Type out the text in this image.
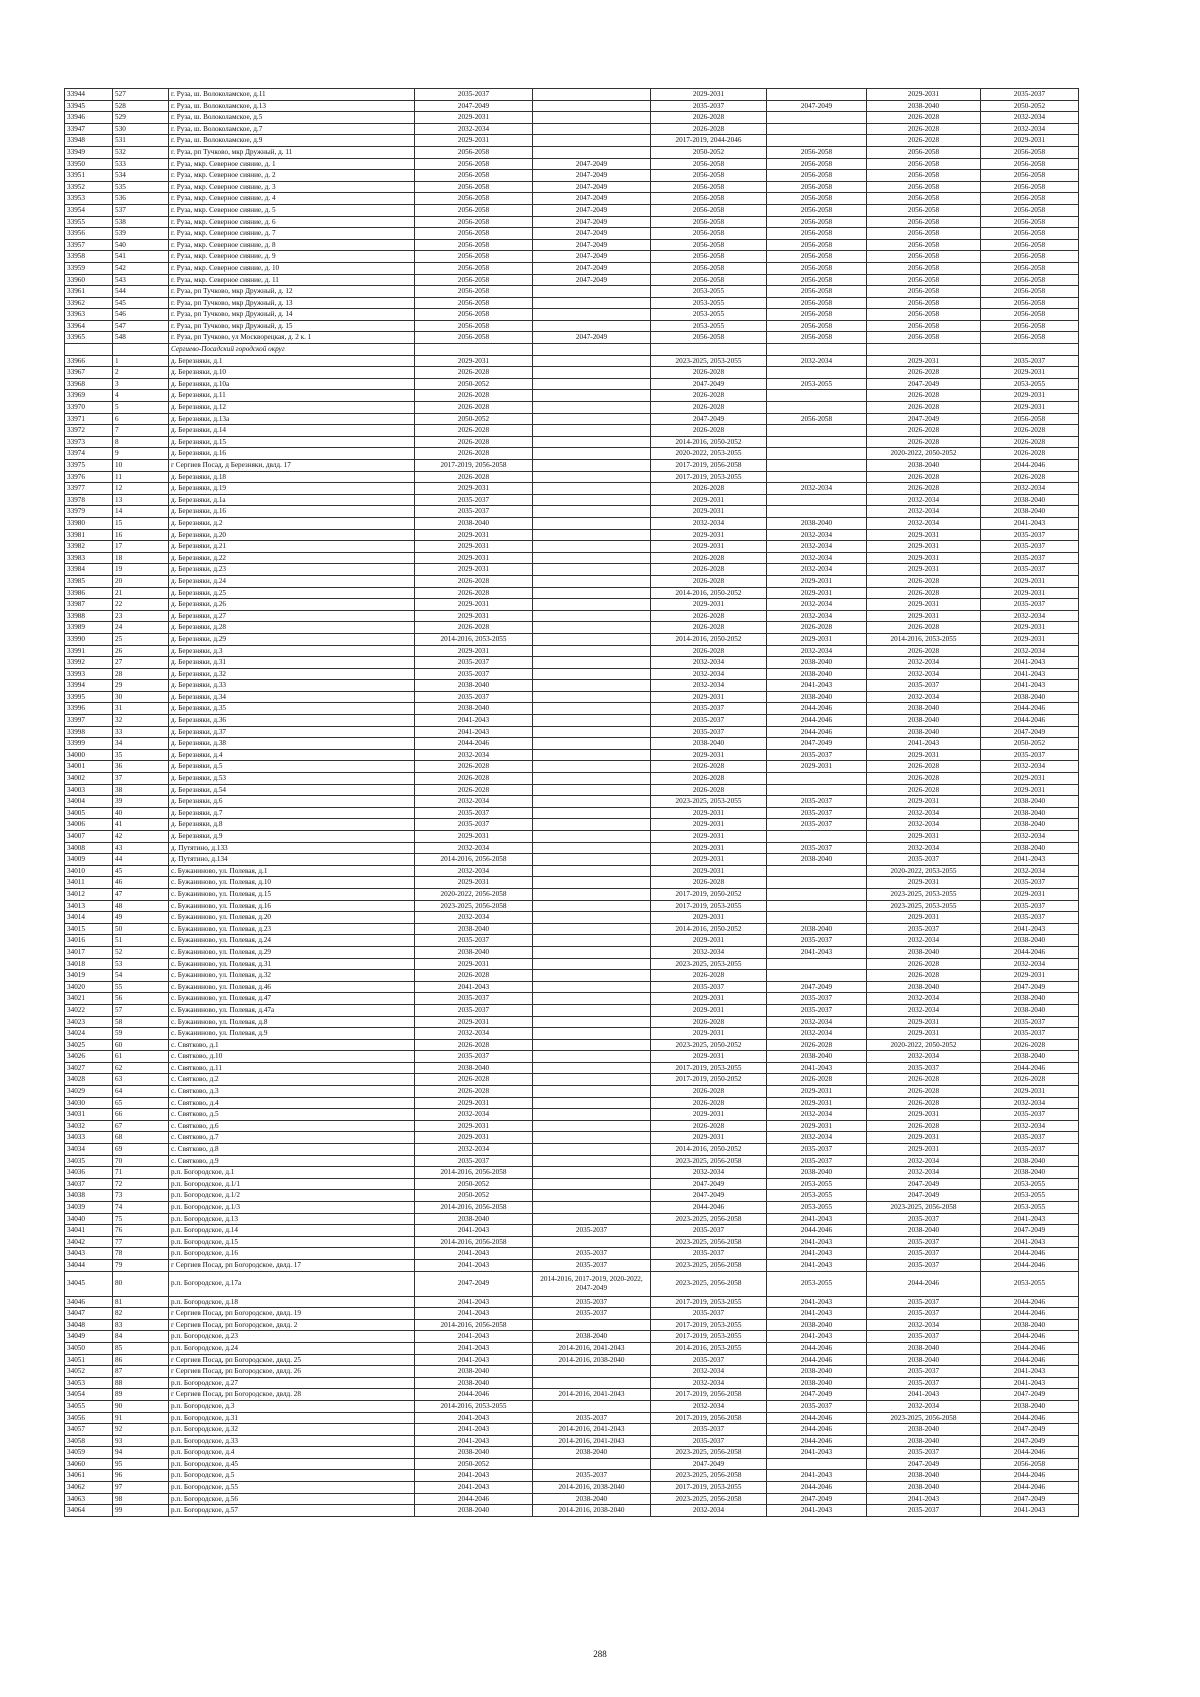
33944	527	г. Руза, ш. Волоколамское, д.11	2035-2037		2029-2031		2029-2031	2035-2037
33945	528	г. Руза, ш. Волоколамское, д.13	2047-2049		2035-2037	2047-2049	2038-2040	2050-2052
33946	529	г. Руза, ш. Волоколамское, д.5	2029-2031		2026-2028		2026-2028	2032-2034
33947	530	г. Руза, ш. Волоколамское, д.7	2032-2034		2026-2028		2026-2028	2032-2034
33948	531	г. Руза, ш. Волоколамское, д.9	2029-2031		2017-2019, 2044-2046		2026-2028	2029-2031
33949	532	г. Руза, рп Тучково, мкр Дружный, д. 11	2056-2058		2050-2052	2056-2058	2056-2058	2056-2058
33950	533	г. Руза, мкр. Северное сияние, д. 1	2056-2058	2047-2049	2056-2058	2056-2058	2056-2058	2056-2058
33951	534	г. Руза, мкр. Северное сияние, д. 2	2056-2058	2047-2049	2056-2058	2056-2058	2056-2058	2056-2058
33952	535	г. Руза, мкр. Северное сияние, д. 3	2056-2058	2047-2049	2056-2058	2056-2058	2056-2058	2056-2058
33953	536	г. Руза, мкр. Северное сияние, д. 4	2056-2058	2047-2049	2056-2058	2056-2058	2056-2058	2056-2058
33954	537	г. Руза, мкр. Северное сияние, д. 5	2056-2058	2047-2049	2056-2058	2056-2058	2056-2058	2056-2058
33955	538	г. Руза, мкр. Северное сияние, д. 6	2056-2058	2047-2049	2056-2058	2056-2058	2056-2058	2056-2058
33956	539	г. Руза, мкр. Северное сияние, д. 7	2056-2058	2047-2049	2056-2058	2056-2058	2056-2058	2056-2058
33957	540	г. Руза, мкр. Северное сияние, д. 8	2056-2058	2047-2049	2056-2058	2056-2058	2056-2058	2056-2058
33958	541	г. Руза, мкр. Северное сияние, д. 9	2056-2058	2047-2049	2056-2058	2056-2058	2056-2058	2056-2058
33959	542	г. Руза, мкр. Северное сияние, д. 10	2056-2058	2047-2049	2056-2058	2056-2058	2056-2058	2056-2058
33960	543	г. Руза, мкр. Северное сияние, д. 11	2056-2058	2047-2049	2056-2058	2056-2058	2056-2058	2056-2058
33961	544	г. Руза, рп Тучково, мкр Дружный, д. 12	2056-2058		2053-2055	2056-2058	2056-2058	2056-2058
33962	545	г. Руза, рп Тучково, мкр Дружный, д. 13	2056-2058		2053-2055	2056-2058	2056-2058	2056-2058
33963	546	г. Руза, рп Тучково, мкр Дружный, д. 14	2056-2058		2053-2055	2056-2058	2056-2058	2056-2058
33964	547	г. Руза, рп Тучково, мкр Дружный, д. 15	2056-2058		2053-2055	2056-2058	2056-2058	2056-2058
33965	548	г. Руза, рп Тучково, ул Москворецкая, д. 2 к. 1	2056-2058	2047-2049	2056-2058	2056-2058	2056-2058	2056-2058
		Сергиево-Посадский городской округ						
33966	1	д. Березняки, д.1	2029-2031		2023-2025, 2053-2055	2032-2034	2029-2031	2035-2037
33967	2	д. Березняки, д.10	2026-2028		2026-2028		2026-2028	2029-2031
33968	3	д. Березняки, д.10а	2050-2052		2047-2049	2053-2055	2047-2049	2053-2055
33969	4	д. Березняки, д.11	2026-2028		2026-2028		2026-2028	2029-2031
33970	5	д. Березняки, д.12	2026-2028		2026-2028		2026-2028	2029-2031
33971	6	д. Березняки, д.13а	2050-2052		2047-2049	2056-2058	2047-2049	2056-2058
33972	7	д. Березняки, д.14	2026-2028		2026-2028		2026-2028	2026-2028
33973	8	д. Березняки, д.15	2026-2028		2014-2016, 2050-2052		2026-2028	2026-2028
33974	9	д. Березняки, д.16	2026-2028		2020-2022, 2053-2055		2020-2022, 2050-2052	2026-2028
33975	10	г Сергиев Посад, д Березняки, двлд. 17	2017-2019, 2056-2058		2017-2019, 2056-2058		2038-2040	2044-2046
33976	11	д. Березняки, д.18	2026-2028		2017-2019, 2053-2055		2026-2028	2026-2028
33977	12	д. Березняки, д.19	2029-2031		2026-2028	2032-2034	2026-2028	2032-2034
33978	13	д. Березняки, д.1а	2035-2037		2029-2031		2032-2034	2038-2040
33979	14	д. Березняки, д.16	2035-2037		2029-2031		2032-2034	2038-2040
33980	15	д. Березняки, д.2	2038-2040		2032-2034	2038-2040	2032-2034	2041-2043
33981	16	д. Березняки, д.20	2029-2031		2029-2031	2032-2034	2029-2031	2035-2037
33982	17	д. Березняки, д.21	2029-2031		2029-2031	2032-2034	2029-2031	2035-2037
33983	18	д. Березняки, д.22	2029-2031		2026-2028	2032-2034	2029-2031	2035-2037
33984	19	д. Березняки, д.23	2029-2031		2026-2028	2032-2034	2029-2031	2035-2037
33985	20	д. Березняки, д.24	2026-2028		2026-2028	2029-2031	2026-2028	2029-2031
33986	21	д. Березняки, д.25	2026-2028		2014-2016, 2050-2052	2029-2031	2026-2028	2029-2031
33987	22	д. Березняки, д.26	2029-2031		2029-2031	2032-2034	2029-2031	2035-2037
33988	23	д. Березняки, д.27	2029-2031		2026-2028	2032-2034	2029-2031	2032-2034
33989	24	д. Березняки, д.28	2026-2028		2026-2028	2026-2028	2026-2028	2029-2031
33990	25	д. Березняки, д.29	2014-2016, 2053-2055		2014-2016, 2050-2052	2029-2031	2014-2016, 2053-2055	2029-2031
33991	26	д. Березняки, д.3	2029-2031		2026-2028	2032-2034	2026-2028	2032-2034
33992	27	д. Березняки, д.31	2035-2037		2032-2034	2038-2040	2032-2034	2041-2043
33993	28	д. Березняки, д.32	2035-2037		2032-2034	2038-2040	2032-2034	2041-2043
33994	29	д. Березняки, д.33	2038-2040		2032-2034	2041-2043	2035-2037	2041-2043
33995	30	д. Березняки, д.34	2035-2037		2029-2031	2038-2040	2032-2034	2038-2040
33996	31	д. Березняки, д.35	2038-2040		2035-2037	2044-2046	2038-2040	2044-2046
33997	32	д. Березняки, д.36	2041-2043		2035-2037	2044-2046	2038-2040	2044-2046
33998	33	д. Березняки, д.37	2041-2043		2035-2037	2044-2046	2038-2040	2047-2049
33999	34	д. Березняки, д.38	2044-2046		2038-2040	2047-2049	2041-2043	2050-2052
34000	35	д. Березняки, д.4	2032-2034		2029-2031	2035-2037	2029-2031	2035-2037
34001	36	д. Березняки, д.5	2026-2028		2026-2028	2029-2031	2026-2028	2032-2034
34002	37	д. Березняки, д.53	2026-2028		2026-2028		2026-2028	2029-2031
34003	38	д. Березняки, д.54	2026-2028		2026-2028		2026-2028	2029-2031
34004	39	д. Березняки, д.6	2032-2034		2023-2025, 2053-2055	2035-2037	2029-2031	2038-2040
34005	40	д. Березняки, д.7	2035-2037		2029-2031	2035-2037	2032-2034	2038-2040
34006	41	д. Березняки, д.8	2035-2037		2029-2031	2035-2037	2032-2034	2038-2040
34007	42	д. Березняки, д.9	2029-2031		2029-2031		2029-2031	2032-2034
34008	43	д. Путятино, д.133	2032-2034		2029-2031	2035-2037	2032-2034	2038-2040
34009	44	д. Путятино, д.134	2014-2016, 2056-2058		2029-2031	2038-2040	2035-2037	2041-2043
34010	45	с. Бужаниново, ул. Полевая, д.1	2032-2034		2029-2031		2020-2022, 2053-2055	2032-2034
34011	46	с. Бужаниново, ул. Полевая, д.10	2029-2031		2026-2028		2029-2031	2035-2037
34012	47	с. Бужаниново, ул. Полевая, д.15	2020-2022, 2056-2058		2017-2019, 2050-2052		2023-2025, 2053-2055	2029-2031
34013	48	с. Бужаниново, ул. Полевая, д.16	2023-2025, 2056-2058		2017-2019, 2053-2055		2023-2025, 2053-2055	2035-2037
34014	49	с. Бужаниново, ул. Полевая, д.20	2032-2034		2029-2031		2029-2031	2035-2037
34015	50	с. Бужаниново, ул. Полевая, д.23	2038-2040		2014-2016, 2050-2052	2038-2040	2035-2037	2041-2043
34016	51	с. Бужаниново, ул. Полевая, д.24	2035-2037		2029-2031	2035-2037	2032-2034	2038-2040
34017	52	с. Бужаниново, ул. Полевая, д.29	2038-2040		2032-2034	2041-2043	2038-2040	2044-2046
34018	53	с. Бужаниново, ул. Полевая, д.31	2029-2031		2023-2025, 2053-2055		2026-2028	2032-2034
34019	54	с. Бужаниново, ул. Полевая, д.32	2026-2028		2026-2028		2026-2028	2029-2031
34020	55	с. Бужаниново, ул. Полевая, д.46	2041-2043		2035-2037	2047-2049	2038-2040	2047-2049
34021	56	с. Бужаниново, ул. Полевая, д.47	2035-2037		2029-2031	2035-2037	2032-2034	2038-2040
34022	57	с. Бужаниново, ул. Полевая, д.47а	2035-2037		2029-2031	2035-2037	2032-2034	2038-2040
34023	58	с. Бужаниново, ул. Полевая, д.8	2029-2031		2026-2028	2032-2034	2029-2031	2035-2037
34024	59	с. Бужаниново, ул. Полевая, д.9	2032-2034		2029-2031	2032-2034	2029-2031	2035-2037
34025	60	с. Святково, д.1	2026-2028		2023-2025, 2050-2052	2026-2028	2020-2022, 2050-2052	2026-2028
34026	61	с. Святково, д.10	2035-2037		2029-2031	2038-2040	2032-2034	2038-2040
34027	62	с. Святково, д.11	2038-2040		2017-2019, 2053-2055	2041-2043	2035-2037	2044-2046
34028	63	с. Святково, д.2	2026-2028		2017-2019, 2050-2052	2026-2028	2026-2028	2026-2028
34029	64	с. Святково, д.3	2026-2028		2026-2028	2029-2031	2026-2028	2029-2031
34030	65	с. Святково, д.4	2029-2031		2026-2028	2029-2031	2026-2028	2032-2034
34031	66	с. Святково, д.5	2032-2034		2029-2031	2032-2034	2029-2031	2035-2037
34032	67	с. Святково, д.6	2029-2031		2026-2028	2029-2031	2026-2028	2032-2034
34033	68	с. Святково, д.7	2029-2031		2029-2031	2032-2034	2029-2031	2035-2037
34034	69	с. Святково, д.8	2032-2034		2014-2016, 2050-2052	2035-2037	2029-2031	2035-2037
34035	70	с. Святково, д.9	2035-2037		2023-2025, 2056-2058	2035-2037	2032-2034	2038-2040
34036	71	р.п. Богородское, д.1	2014-2016, 2056-2058		2032-2034	2038-2040	2032-2034	2038-2040
34037	72	р.п. Богородское, д.1/1	2050-2052		2047-2049	2053-2055	2047-2049	2053-2055
34038	73	р.п. Богородское, д.1/2	2050-2052		2047-2049	2053-2055	2047-2049	2053-2055
34039	74	р.п. Богородское, д.1/3	2014-2016, 2056-2058		2044-2046	2053-2055	2023-2025, 2056-2058	2053-2055
34040	75	р.п. Богородское, д.13	2038-2040		2023-2025, 2056-2058	2041-2043	2035-2037	2041-2043
34041	76	р.п. Богородское, д.14	2041-2043	2035-2037	2035-2037	2044-2046	2038-2040	2047-2049
34042	77	р.п. Богородское, д.15	2014-2016, 2056-2058		2023-2025, 2056-2058	2041-2043	2035-2037	2041-2043
34043	78	р.п. Богородское, д.16	2041-2043	2035-2037	2035-2037	2041-2043	2035-2037	2044-2046
34044	79	г Сергиев Посад, рп Богородское, двлд. 17	2041-2043	2035-2037	2023-2025, 2056-2058	2041-2043	2035-2037	2044-2046
34045	80	р.п. Богородское, д.17а	2047-2049	2014-2016, 2017-2019, 2020-2022, 2047-2049	2023-2025, 2056-2058	2053-2055	2044-2046	2053-2055
34046	81	р.п. Богородское, д.18	2041-2043	2035-2037	2017-2019, 2053-2055	2041-2043	2035-2037	2044-2046
34047	82	г Сергиев Посад, рп Богородское, двлд. 19	2041-2043	2035-2037	2035-2037	2041-2043	2035-2037	2044-2046
34048	83	г Сергиев Посад, рп Богородское, двлд. 2	2014-2016, 2056-2058		2017-2019, 2053-2055	2038-2040	2032-2034	2038-2040
34049	84	р.п. Богородское, д.23	2041-2043	2038-2040	2017-2019, 2053-2055	2041-2043	2035-2037	2044-2046
34050	85	р.п. Богородское, д.24	2041-2043	2014-2016, 2041-2043	2014-2016, 2053-2055	2044-2046	2038-2040	2044-2046
34051	86	г Сергиев Посад, рп Богородское, двлд. 25	2041-2043	2014-2016, 2038-2040	2035-2037	2044-2046	2038-2040	2044-2046
34052	87	г Сергиев Посад, рп Богородское, двлд. 26	2038-2040		2032-2034	2038-2040	2035-2037	2041-2043
34053	88	р.п. Богородское, д.27	2038-2040		2032-2034	2038-2040	2035-2037	2041-2043
34054	89	г Сергиев Посад, рп Богородское, двлд. 28	2044-2046	2014-2016, 2041-2043	2017-2019, 2056-2058	2047-2049	2041-2043	2047-2049
34055	90	р.п. Богородское, д.3	2014-2016, 2053-2055		2032-2034	2035-2037	2032-2034	2038-2040
34056	91	р.п. Богородское, д.31	2041-2043	2035-2037	2017-2019, 2056-2058	2044-2046	2023-2025, 2056-2058	2044-2046
34057	92	р.п. Богородское, д.32	2041-2043	2014-2016, 2041-2043	2035-2037	2044-2046	2038-2040	2047-2049
34058	93	р.п. Богородское, д.33	2041-2043	2014-2016, 2041-2043	2035-2037	2044-2046	2038-2040	2047-2049
34059	94	р.п. Богородское, д.4	2038-2040	2038-2040	2023-2025, 2056-2058	2041-2043	2035-2037	2044-2046
34060	95	р.п. Богородское, д.45	2050-2052		2047-2049		2047-2049	2056-2058
34061	96	р.п. Богородское, д.5	2041-2043	2035-2037	2023-2025, 2056-2058	2041-2043	2038-2040	2044-2046
34062	97	р.п. Богородское, д.55	2041-2043	2014-2016, 2038-2040	2017-2019, 2053-2055	2044-2046	2038-2040	2044-2046
34063	98	р.п. Богородское, д.56	2044-2046	2038-2040	2023-2025, 2056-2058	2047-2049	2041-2043	2047-2049
34064	99	р.п. Богородское, д.57	2038-2040	2014-2016, 2038-2040	2032-2034	2041-2043	2035-2037	2041-2043
288
